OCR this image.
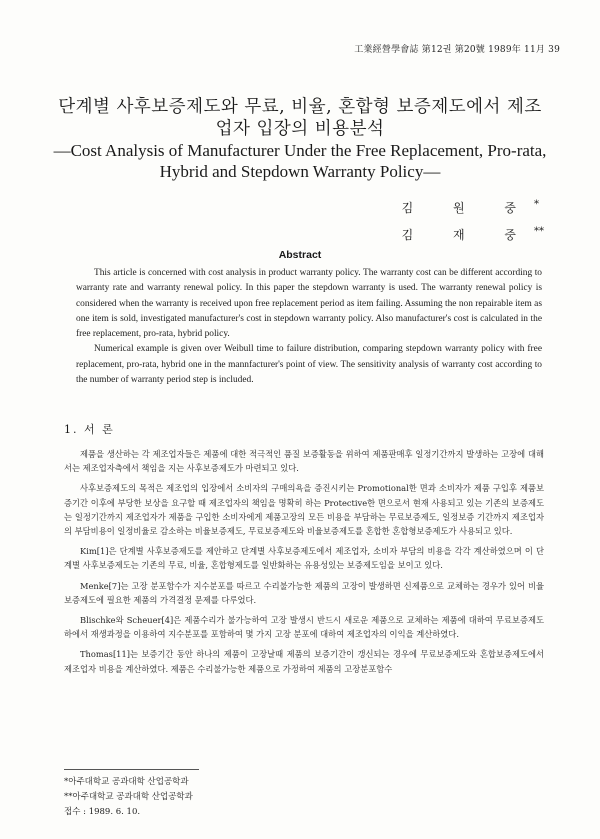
工業經營學會誌 第12권 第20號 1989年 11月 39
단계별 사후보증제도와 무료, 비율, 혼합형 보증제도에서 제조
업자 입장의 비용분석
—Cost Analysis of Manufacturer Under the Free Replacement, Pro-rata,
Hybrid and Stepdown Warranty Policy—
김 원 중*
김 재 중**
Abstract

This article is concerned with cost analysis in product warranty policy. The warranty cost can be different according to warranty rate and warranty renewal policy. In this paper the stepdown warranty is used. The warranty renewal policy is considered when the warranty is received upon free replacement period as item failing. Assuming the non repairable item as one item is sold, investigated manufacturer's cost in stepdown warranty policy. Also manufacturer's cost is calculated in the free replacement, pro-rata, hybrid policy.

Numerical example is given over Weibull time to failure distribution, comparing stepdown warranty policy with free replacement, pro-rata, hybrid one in the mannfacturer's point of view. The sensitivity analysis of warranty cost according to the number of warranty period step is included.

1. 서 론

제품을 생산하는 각 제조업자들은 제품에 대한 적극적인 품질 보증활동을 위하여 제품판매후 일정기간까지 발생하는 고장에 대해서는 제조업자측에서 책임을 지는 사후보증제도가 마련되고 있다.

사후보증제도의 목적은 제조업의 입장에서 소비자의 구매의욕을 증진시키는 Promotional한 면과 소비자가 제품 구입후 제품보증기간 이후에 부당한 보상을 요구할 때 제조업자의 책임을 명확히 하는 Protective한 면으로서 현재 사용되고 있는 기존의 보증제도는 일정기간까지 제조업자가 제품을 구입한 소비자에게 제품고장의 모든 비용을 부담하는 무료보증제도, 일정보증 기간까지 제조업자의 부담비용이 일정비율로 감소하는 비율보증제도, 무료보증제도와 비율보증제도를 혼합한 혼합형보증제도가 사용되고 있다.

Kim[1]은 단계별 사후보증제도를 제안하고 단계별 사후보증제도에서 제조업자, 소비자 부담의 비용을 각각 계산하였으며 이 단계별 사후보증제도는 기존의 무료, 비율, 혼합형제도를 일반화하는 유용성있는 보증제도임을 보이고 있다.

Menke[7]는 고장 분포함수가 지수분포를 따르고 수리불가능한 제품의 고장이 발생하면 신제품으로 교체하는 경우가 있어 비율보증제도에 필요한 제품의 가격결정 문제를 다루었다.

Blischke와 Scheuer[4]은 제품수리가 불가능하여 고장 발생시 반드시 새로운 제품으로 교체하는 제품에 대하여 무료보증제도하에서 재생과정을 이용하여 지수분포를 포함하여 몇 가지 고장 분포에 대하여 제조업자의 이익을 계산하였다.

Thomas[11]는 보증기간 동안 하나의 제품이 고장날때 제품의 보증기간이 갱신되는 경우에 무료보증제도와 혼합보증제도에서 제조업자 비용을 계산하였다. 제품은 수리불가능한 제품으로 가정하여 제품의 고장분포함수

*아주대학교 공과대학 산업공학과
**아주대학교 공과대학 산업공학과
접수 : 1989. 6. 10.
